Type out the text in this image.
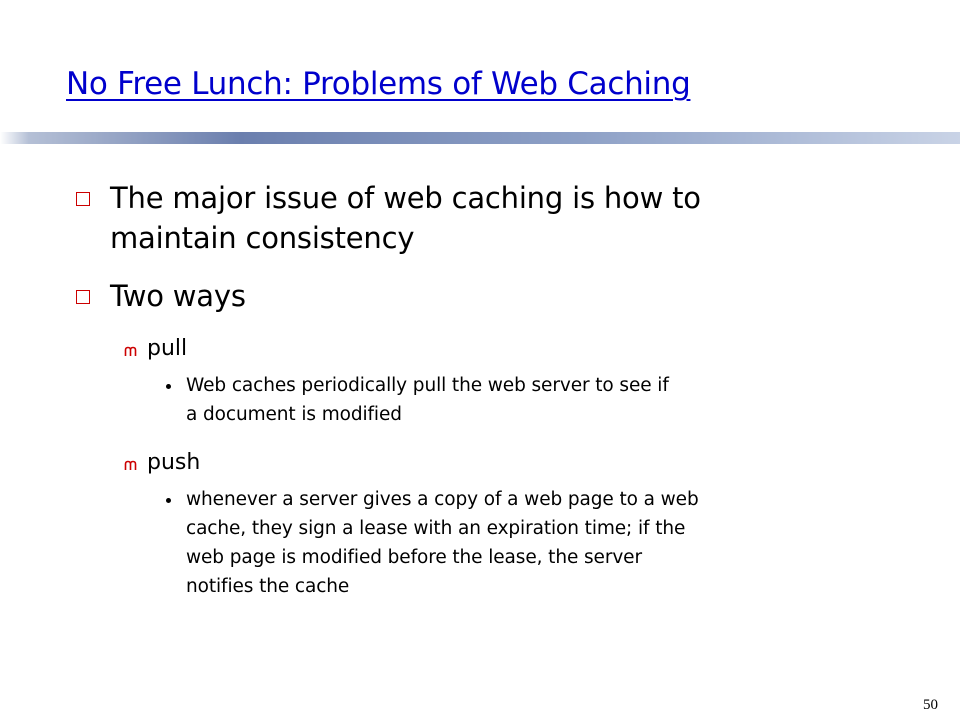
No Free Lunch: Problems of Web Caching
The major issue of web caching is how to
maintain consistency
Two ways
pull
Web caches periodically pull the web server to see if
a document is modified
push
whenever a server gives a copy of a web page to a web
cache, they sign a lease with an expiration time; if the
web page is modified before the lease, the server
notifies the cache
50
